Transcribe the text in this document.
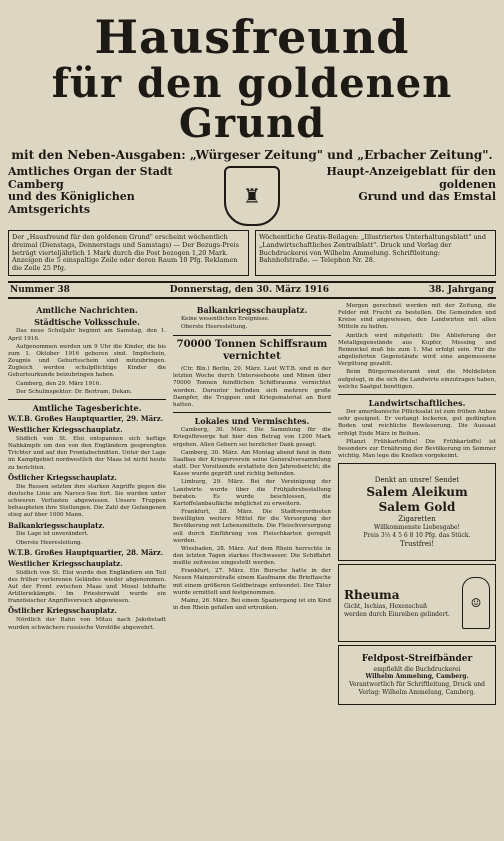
Hausfreund
für den goldenen Grund
mit den Neben-Ausgaben: „Würgeser Zeitung" und „Erbacher Zeitung".
Amtliches Organ der Stadt Camberg
und des Königlichen Amtsgerichts
♜
Haupt-Anzeigeblatt für den goldenen
Grund und das Emstal
Der „Hausfreund für den goldenen Grund" erscheint wöchentlich dreimal (Dienstags, Donnerstags und Samstags) — Der Bezugs-Preis beträgt vierteljährlich 1 Mark durch die Post bezogen 1,20 Mark. Anzeigen die 5 einspaltige Zeile oder deren Raum 10 Pfg. Reklamen die Zeile 25 Pfg.
Wöchentliche Gratis-Beilagen: „Illustriertes Unterhaltungsblatt" und „Landwirtschaftliches Zentralblatt". Druck und Verlag der Buchdruckerei von Wilhelm Ammelung. Schriftleitung: Bahnhofstraße. — Telephon Nr. 28.
Nummer 38	Donnerstag, den 30. März 1916	38. Jahrgang
Amtliche Nachrichten.
Städtische Volksschule.

Das neue Schuljahr beginnt am Samstag, den 1. April 1916.

Aufgenommen werden um 9 Uhr die Kinder, die bis zum 1. Oktober 1916 geboren sind. Impfschein, Zeugnis und Geburtsschein sind mitzubringen. Zugleich werden schulpflichtige Kinder die Geburtsurkunde beizubringen haben.

Camberg, den 29. März 1916.

Der Schulinspektor: Dr. Bertram, Dekan.

Amtliche Tagesberichte.
W.T.B. Großes Hauptquartier, 29. März.
Westlicher Kriegsschauplatz.

Südlich von St. Eloi entspannen sich heftige Nahkämpfe um den von den Engländern gesprengten Trichter und auf den Frontabschnitten. Unter der Lage im Kampfgebiet nordwestlich der Maas ist nicht heute zu berichten.

Östlicher Kriegsschauplatz.

Die Russen setzten ihre starken Angriffe gegen die deutsche Linie am Narocz-See fort. Sie wurden unter schweren Verlusten abgewiesen. Unsere Truppen behaupteten ihre Stellungen. Die Zahl der Gefangenen stieg auf über 1000 Mann.

Balkankriegsschauplatz.

Die Lage ist unverändert.

Oberste Heeresleitung.

W.T.B. Großes Hauptquartier, 28. März.
Westlicher Kriegsschauplatz.

Südlich von St. Eloi wurde den Engländern ein Teil des früher verlorenen Geländes wieder abgenommen. Auf der Front zwischen Maas und Mosel lebhafte Artilleriekämpfe. Im Priesterwald wurde ein französischer Angriffsversuch abgewiesen.

Östlicher Kriegsschauplatz.

Nördlich der Bahn von Mitau nach Jakobstadt wurden schwächere russische Vorstöße abgewehrt.

Balkankriegsschauplatz.

Keine wesentlichen Ereignisse.

Oberste Heeresleitung.

70000 Tonnen Schiffsraum vernichtet

(Ctr. Bln.) Berlin, 29. März. Laut W.T.B. sind in der letzten Woche durch Unterseeboote und Minen über 70000 Tonnen feindlichen Schiffsraums vernichtet worden. Darunter befinden sich mehrere große Dampfer, die Truppen und Kriegsmaterial an Bord hatten.

Lokales und Vermischtes.

Camberg, 30. März. Die Sammlung für die Kriegsfürsorge hat hier den Betrag von 1200 Mark ergeben. Allen Gebern sei herzlicher Dank gesagt.

Camberg, 30. März. Am Montag abend fand in dem Saalbau der Kriegerverein seine Generalversammlung statt. Der Vorsitzende erstattete den Jahresbericht; die Kasse wurde geprüft und richtig befunden.

Limburg, 29. März. Bei der Vereinigung der Landwirte wurde über die Frühjahrsbestellung beraten. Es wurde beschlossen, die Kartoffelanbaufläche möglichst zu erweitern.

Frankfurt, 28. März. Die Stadtverordneten bewilligten weitere Mittel für die Versorgung der Bevölkerung mit Lebensmitteln. Die Fleischversorgung soll durch Einführung von Fleischkarten geregelt werden.

Wiesbaden, 28. März. Auf dem Rhein herrschte in den letzten Tagen starkes Hochwasser. Die Schiffahrt mußte zeitweise eingestellt werden.

Frankfurt, 27. März. Ein Bursche hatte in der Neuen Mainzerstraße einem Kaufmann die Brieftasche mit einem größeren Geldbetrage entwendet. Der Täter wurde ermittelt und festgenommen.

Mainz, 26. März. Bei einem Spaziergang ist ein Kind in den Rhein gefallen und ertrunken.

Morgen gerechnet werden mit der Zeitung, die Felder mit Frucht zu bestellen. Die Gemeinden und Kreise sind angewiesen, den Landwirten mit allen Mitteln zu helfen.

Amtlich wird mitgeteilt: Die Ablieferung der Metallgegenstände aus Kupfer, Messing und Reinnickel muß bis zum 1. Mai erfolgt sein. Für die abgelieferten Gegenstände wird eine angemessene Vergütung gezahlt.

Beim Bürgermeisteramt sind die Meldelisten aufgelegt, in die sich die Landwirte einzutragen haben, welche Saatgut benötigen.

Landwirtschaftliches.

Der amerikanische Pflücksalat ist zum frühen Anbau sehr geeignet. Er verlangt lockeren, gut gedüngten Boden und reichliche Bewässerung. Die Aussaat erfolgt Ende März in Reihen.

Pflanzt Frühkartoffeln! Die Frühkartoffel ist besonders zur Ernährung der Bevölkerung im Sommer wichtig. Man lege die Knollen vorgekeimt.

Denkt an unsre! Sendet
Salem Aleikum
Salem Gold
Zigaretten
Willkommenste Liebesgabe!
Preis 3½ 4 5 6 8 10 Pfg. das Stück.
Trustfrei!
Rheuma
Gicht, Ischias, Hexenschuß
werden durch Einreiben gelindert.
☺
Feldpost-Streifbänder
empfiehlt die Buchdruckerei
Wilhelm Ammelung, Camberg.
Verantwortlich für Schriftleitung, Druck und Verlag: Wilhelm Ammelung, Camberg.
